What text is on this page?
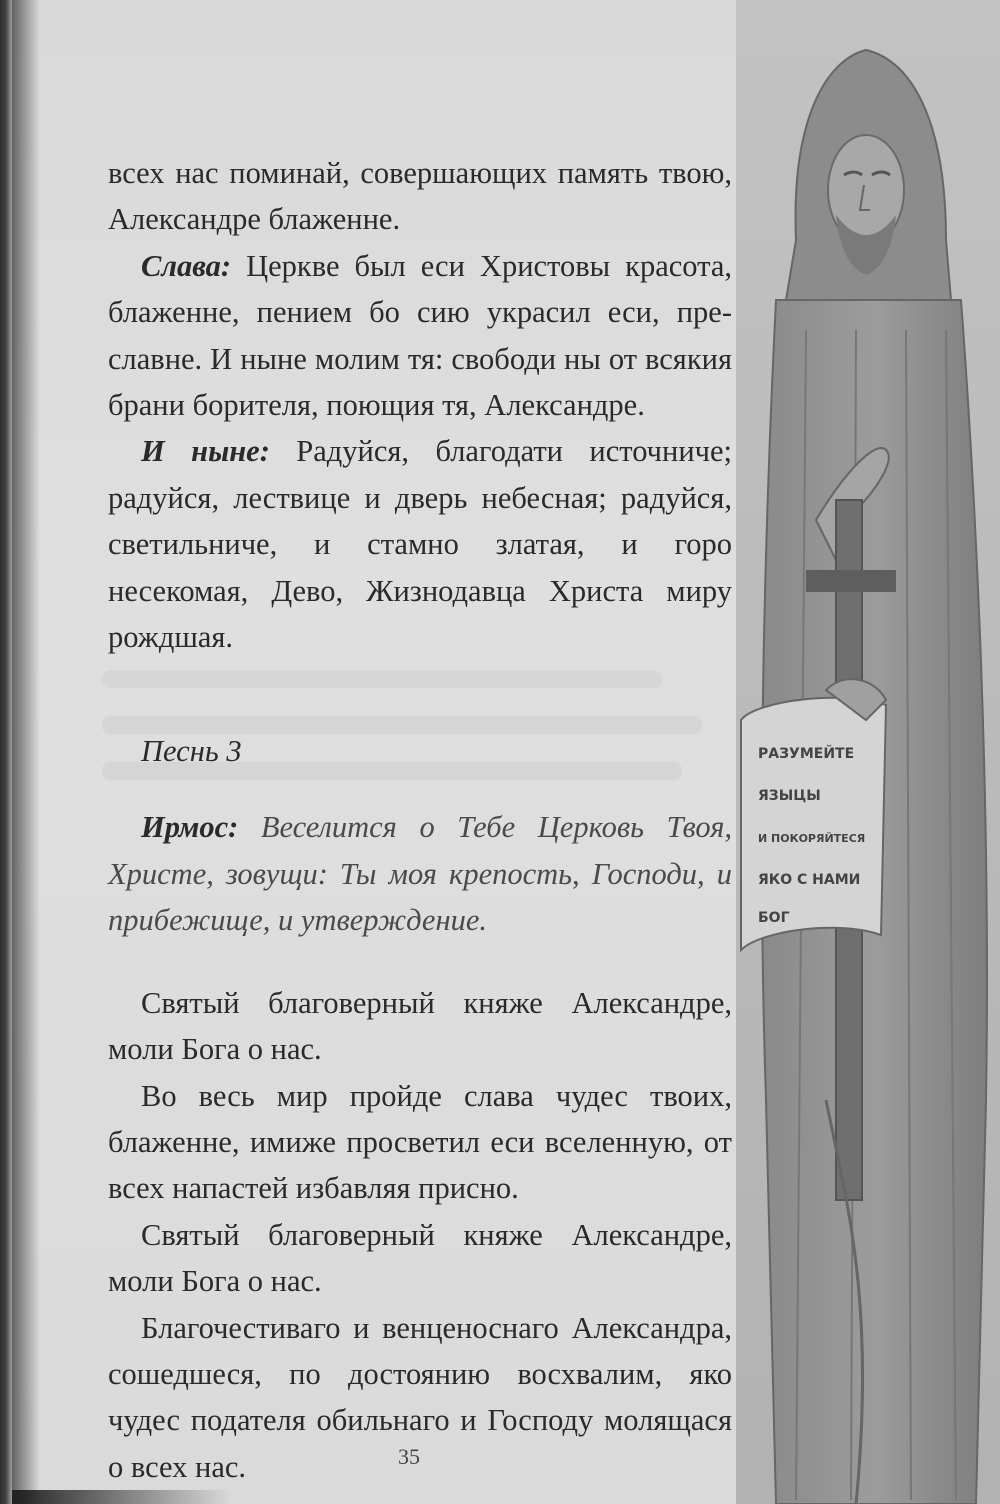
всех нас поминай, совершающих память твою, Александре блаженне.

Слава: Церкве был еси Христовы красота, блаженне, пением бо сию украсил еси, преславне. И ныне молим тя: свободи ны от всякия брани борителя, поющия тя, Александре.

И ныне: Радуйся, благодати источниче; радуйся, лествице и дверь небесная; радуйся, светильниче, и стамно златая, и горо несекомая, Дево, Жизнодавца Христа миру рождшая.

Песнь 3

Ирмос: Веселится о Тебе Церковь Твоя, Христе, зовущи: Ты моя крепость, Господи, и прибежище, и утверждение.

Святый благоверный княже Александре, моли Бога о нас.

Во весь мир пройде слава чудес твоих, блаженне, имиже просветил еси вселенную, от всех напастей избавляя присно.

Святый благоверный княже Александре, моли Бога о нас.

Благочестиваго и венценоснаго Александра, сошедшеся, по достоянию восхвалим, яко чудес подателя обильнаго и Господу молящася о всех нас.	35
РАЗУМЕЙТЕ
ЯЗЫЦЫ
И ПОКОРЯЙТЕСЯ
ЯКО С НАМИ
БОГ
